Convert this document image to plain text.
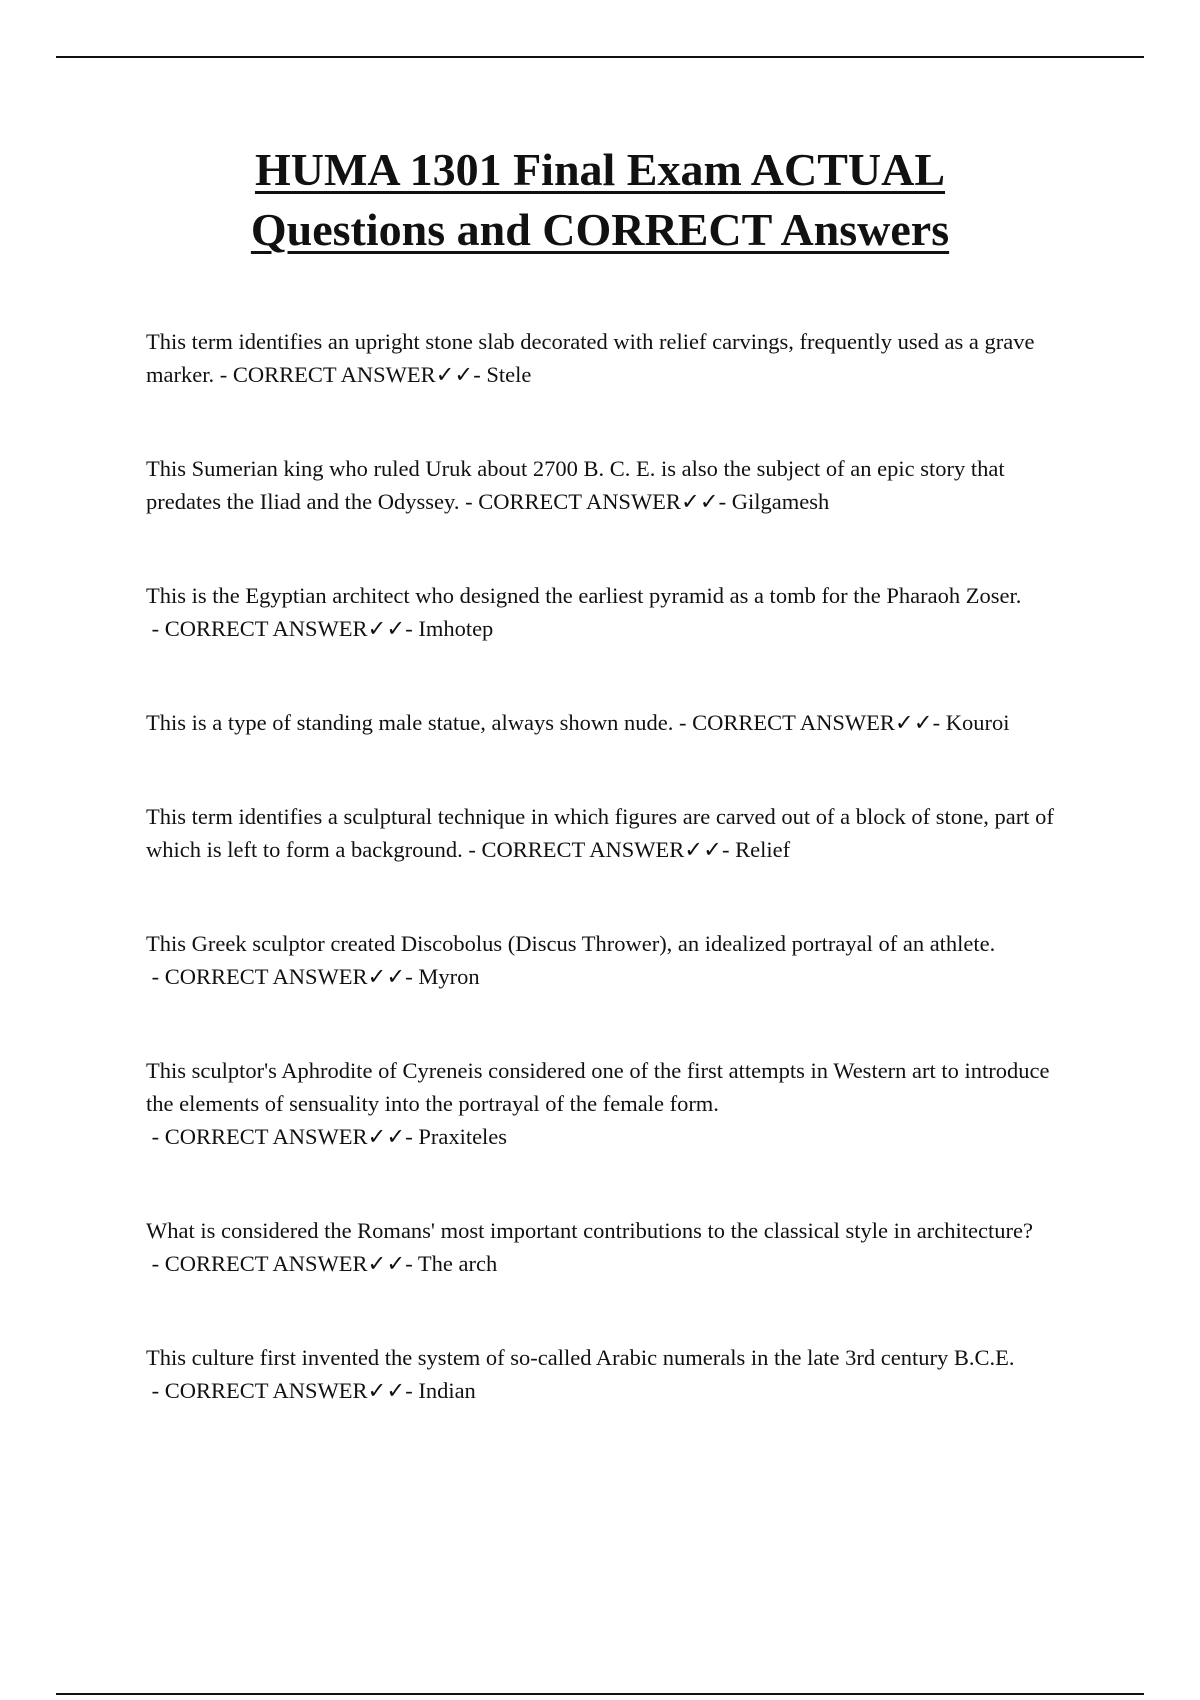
HUMA 1301 Final Exam ACTUAL
Questions and CORRECT Answers
This term identifies an upright stone slab decorated with relief carvings, frequently used as a grave marker. - CORRECT ANSWER✓✓- Stele
This Sumerian king who ruled Uruk about 2700 B. C. E. is also the subject of an epic story that predates the Iliad and the Odyssey. - CORRECT ANSWER✓✓- Gilgamesh
This is the Egyptian architect who designed the earliest pyramid as a tomb for the Pharaoh Zoser. - CORRECT ANSWER✓✓- Imhotep
This is a type of standing male statue, always shown nude. - CORRECT ANSWER✓✓- Kouroi
This term identifies a sculptural technique in which figures are carved out of a block of stone, part of which is left to form a background. - CORRECT ANSWER✓✓- Relief
This Greek sculptor created Discobolus (Discus Thrower), an idealized portrayal of an athlete. - CORRECT ANSWER✓✓- Myron
This sculptor's Aphrodite of Cyreneis considered one of the first attempts in Western art to introduce the elements of sensuality into the portrayal of the female form. - CORRECT ANSWER✓✓- Praxiteles
What is considered the Romans' most important contributions to the classical style in architecture? - CORRECT ANSWER✓✓- The arch
This culture first invented the system of so-called Arabic numerals in the late 3rd century B.C.E. - CORRECT ANSWER✓✓- Indian
